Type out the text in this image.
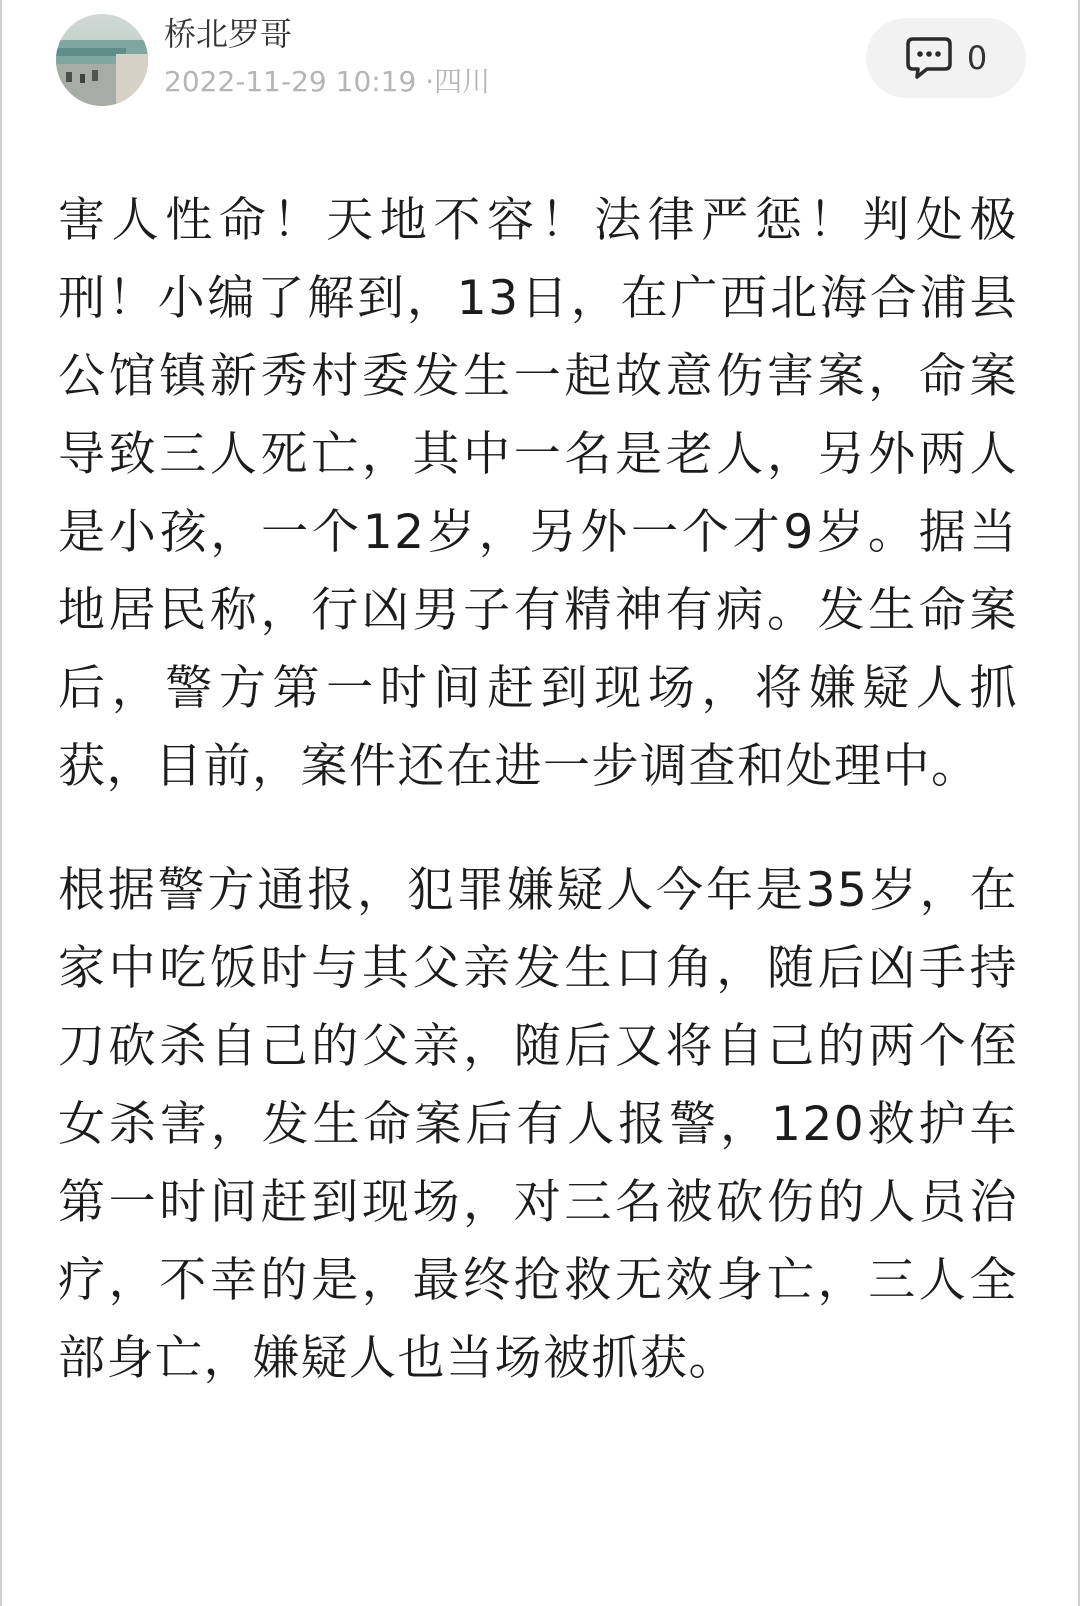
桥北罗哥
2022-11-29 10:19 ·四川
0

害人性命！天地不容！法律严惩！判处极刑！小编了解到，13日，在广西北海合浦县公馆镇新秀村委发生一起故意伤害案，命案导致三人死亡，其中一名是老人，另外两人是小孩，一个12岁，另外一个才9岁。据当地居民称，行凶男子有精神有病。发生命案后，警方第一时间赶到现场，将嫌疑人抓获，目前，案件还在进一步调查和处理中。

根据警方通报，犯罪嫌疑人今年是35岁，在家中吃饭时与其父亲发生口角，随后凶手持刀砍杀自己的父亲，随后又将自己的两个侄女杀害，发生命案后有人报警，120救护车第一时间赶到现场，对三名被砍伤的人员治疗，不幸的是，最终抢救无效身亡，三人全部身亡，嫌疑人也当场被抓获。
